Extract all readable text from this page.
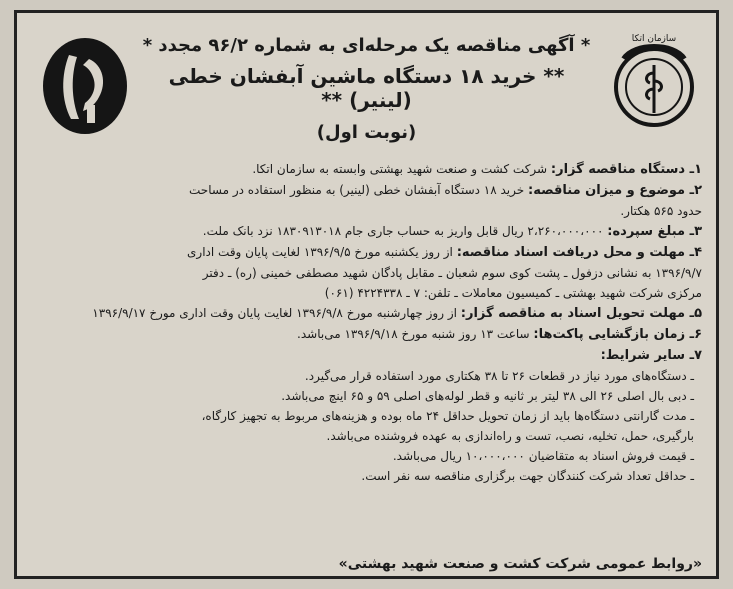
سازمان اتکا
* آگهی مناقصه یک مرحله‌ای به شماره ۹۶/۲ مجدد *
** خرید ۱۸ دستگاه ماشین آبفشان خطی (لینیر) **
(نوبت اول)
۱ـ دستگاه مناقصه گزار: شرکت کشت و صنعت شهید بهشتی وابسته به سازمان اتکا.
۲ـ موضوع و میزان مناقصه: خرید ۱۸ دستگاه آبفشان خطی (لینیر) به منظور استفاده در مساحت
حدود ۵۶۵ هکتار.
۳ـ مبلغ سپرده: ۲،۲۶۰،۰۰۰،۰۰۰ ریال قابل واریز به حساب جاری جام ۱۸۳۰۹۱۳۰۱۸ نزد بانک ملت.
۴ـ مهلت و محل دریافت اسناد مناقصه: از روز یکشنبه مورخ ۱۳۹۶/۹/۵ لغایت پایان وقت اداری
۱۳۹۶/۹/۷ به نشانی دزفول ـ پشت کوی سوم شعبان ـ مقابل پادگان شهید مصطفی خمینی (ره) ـ دفتر
مرکزی شرکت شهید بهشتی ـ کمیسیون معاملات ـ تلفن: ۷ ـ ۴۲۲۴۳۳۸ (۰۶۱)
۵ـ مهلت تحویل اسناد به مناقصه گزار: از روز چهارشنبه مورخ ۱۳۹۶/۹/۸ لغایت پایان وقت اداری مورخ ۱۳۹۶/۹/۱۷
۶ـ زمان بازگشایی پاکت‌ها: ساعت ۱۳ روز شنبه مورخ ۱۳۹۶/۹/۱۸ می‌باشد.
۷ـ سایر شرایط:
ـ دستگاه‌های مورد نیاز در قطعات ۲۶ تا ۳۸ هکتاری مورد استفاده قرار می‌گیرد.
ـ دبی بال اصلی ۲۶ الی ۳۸ لیتر بر ثانیه و قطر لوله‌های اصلی ۵۹ و ۶۵ اینچ می‌باشد.
ـ مدت گارانتی دستگاه‌ها باید از زمان تحویل حداقل ۲۴ ماه بوده و هزینه‌های مربوط به تجهیز کارگاه،
بارگیری، حمل، تخلیه، نصب، تست و راه‌اندازی به عهده فروشنده می‌باشد.
ـ قیمت فروش اسناد به متقاضیان ۱۰،۰۰۰،۰۰۰ ریال می‌باشد.
ـ حداقل تعداد شرکت کنندگان جهت برگزاری مناقصه سه نفر است.
«روابط عمومی شرکت کشت و صنعت شهید بهشتی»
